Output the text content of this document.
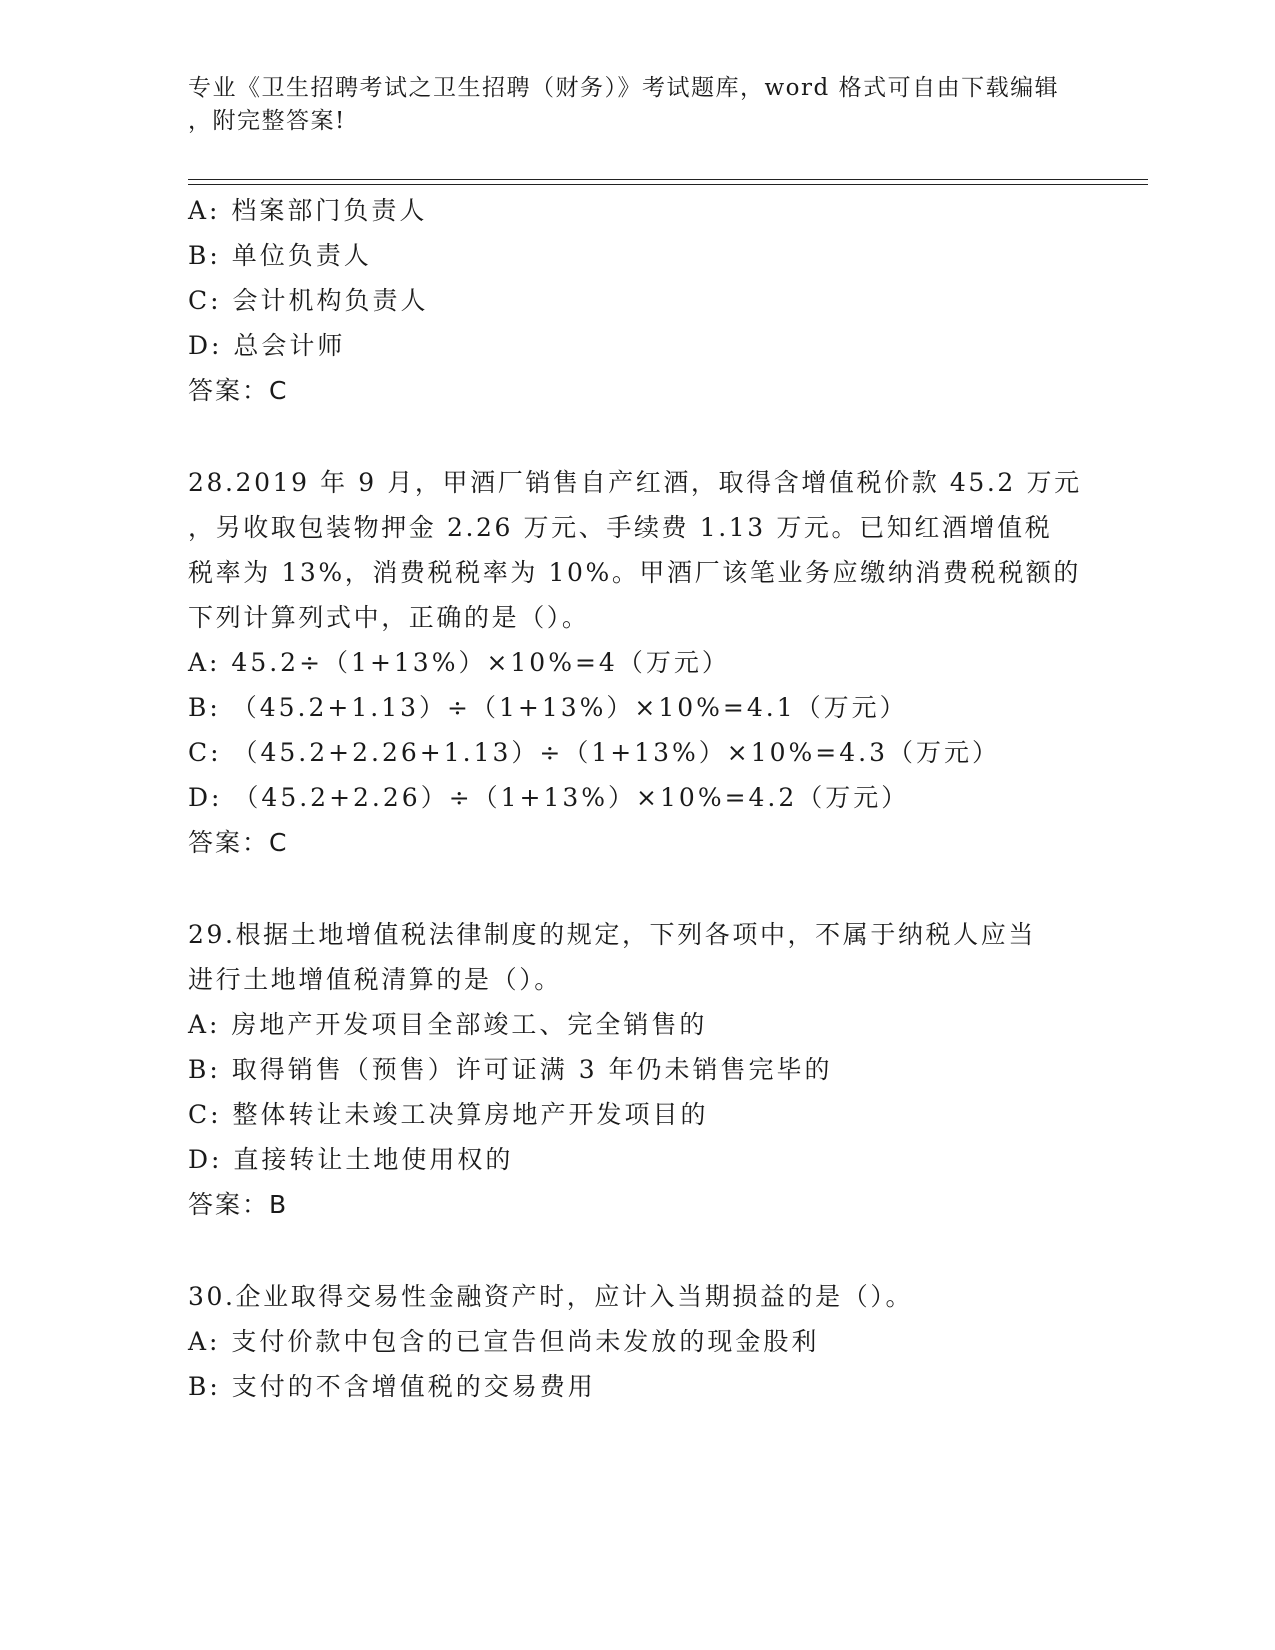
专业《卫生招聘考试之卫生招聘（财务）》考试题库，word 格式可自由下载编辑
，附完整答案!
A: 档案部门负责人
B: 单位负责人
C: 会计机构负责人
D: 总会计师
答案：C
28.2019 年 9 月，甲酒厂销售自产红酒，取得含增值税价款 45.2 万元
，另收取包装物押金 2.26 万元、手续费 1.13 万元。已知红酒增值税
税率为 13%，消费税税率为 10%。甲酒厂该笔业务应缴纳消费税税额的
下列计算列式中，正确的是（）。
A: 45.2÷（1+13%）×10%=4（万元）
B: （45.2+1.13）÷（1+13%）×10%=4.1（万元）
C: （45.2+2.26+1.13）÷（1+13%）×10%=4.3（万元）
D: （45.2+2.26）÷（1+13%）×10%=4.2（万元）
答案：C
29.根据土地增值税法律制度的规定，下列各项中，不属于纳税人应当
进行土地增值税清算的是（）。
A: 房地产开发项目全部竣工、完全销售的
B: 取得销售（预售）许可证满 3 年仍未销售完毕的
C: 整体转让未竣工决算房地产开发项目的
D: 直接转让土地使用权的
答案：B
30.企业取得交易性金融资产时，应计入当期损益的是（）。
A: 支付价款中包含的已宣告但尚未发放的现金股利
B: 支付的不含增值税的交易费用
